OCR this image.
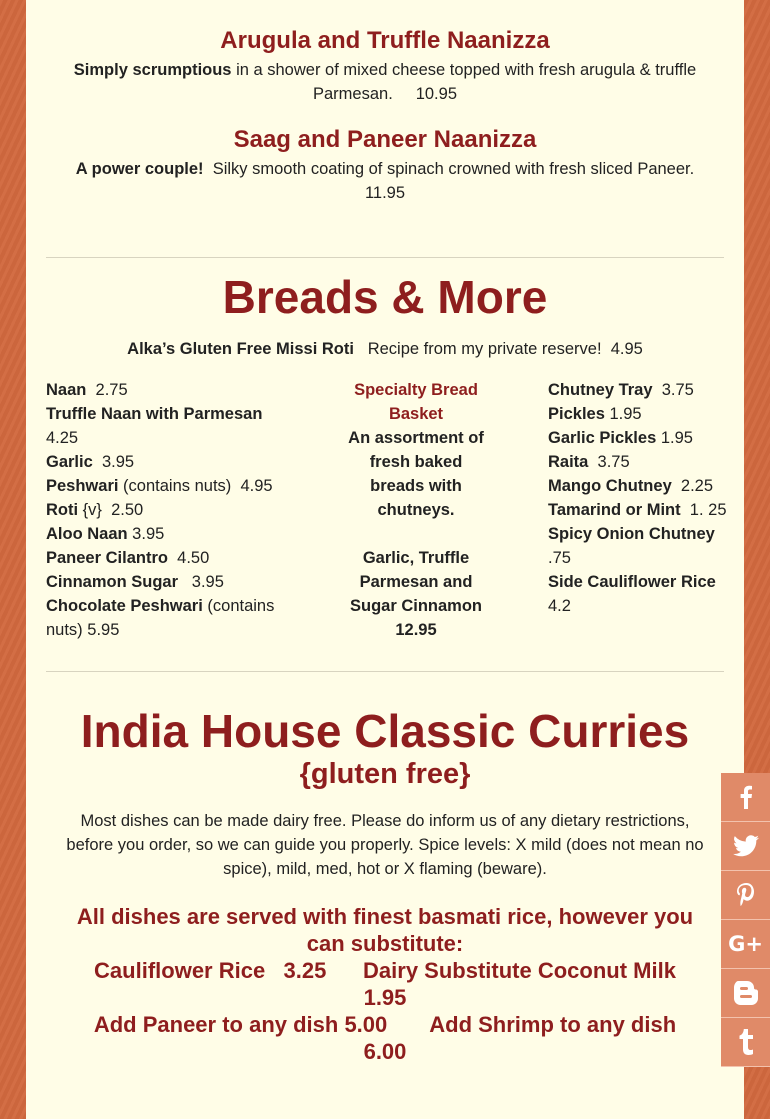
Arugula and Truffle Naanizza

Simply scrumptious in a shower of mixed cheese topped with fresh arugula & truffle Parmesan.     10.95

Saag and Paneer Naanizza

A power couple!  Silky smooth coating of spinach crowned with fresh sliced Paneer.     11.95

Breads & More

Alka’s Gluten Free Missi Roti   Recipe from my private reserve!  4.95

Naan  2.75
Truffle Naan with Parmesan 4.25
Garlic  3.95
Peshwari (contains nuts)  4.95
Roti {v}  2.50
Aloo Naan 3.95
Paneer Cilantro  4.50
Cinnamon Sugar   3.95
Chocolate Peshwari (contains nuts) 5.95
Specialty Bread Basket
An assortment of fresh baked breads with chutneys.
Garlic, Truffle Parmesan and Sugar Cinnamon
12.95
Chutney Tray  3.75
Pickles 1.95
Garlic Pickles 1.95
Raita  3.75
Mango Chutney  2.25
Tamarind or Mint  1. 25
Spicy Onion Chutney .75
Side Cauliflower Rice  4.2
India House Classic Curries
{gluten free}

Most dishes can be made dairy free. Please do inform us of any dietary restrictions, before you order, so we can guide you properly. Spice levels: X mild (does not mean no spice), mild, med, hot or X flaming (beware).

All dishes are served with finest basmati rice, however you can substitute:
Cauliflower Rice   3.25      Dairy Substitute Coconut Milk 1.95
Add Paneer to any dish 5.00       Add Shrimp to any dish 6.00
G+
